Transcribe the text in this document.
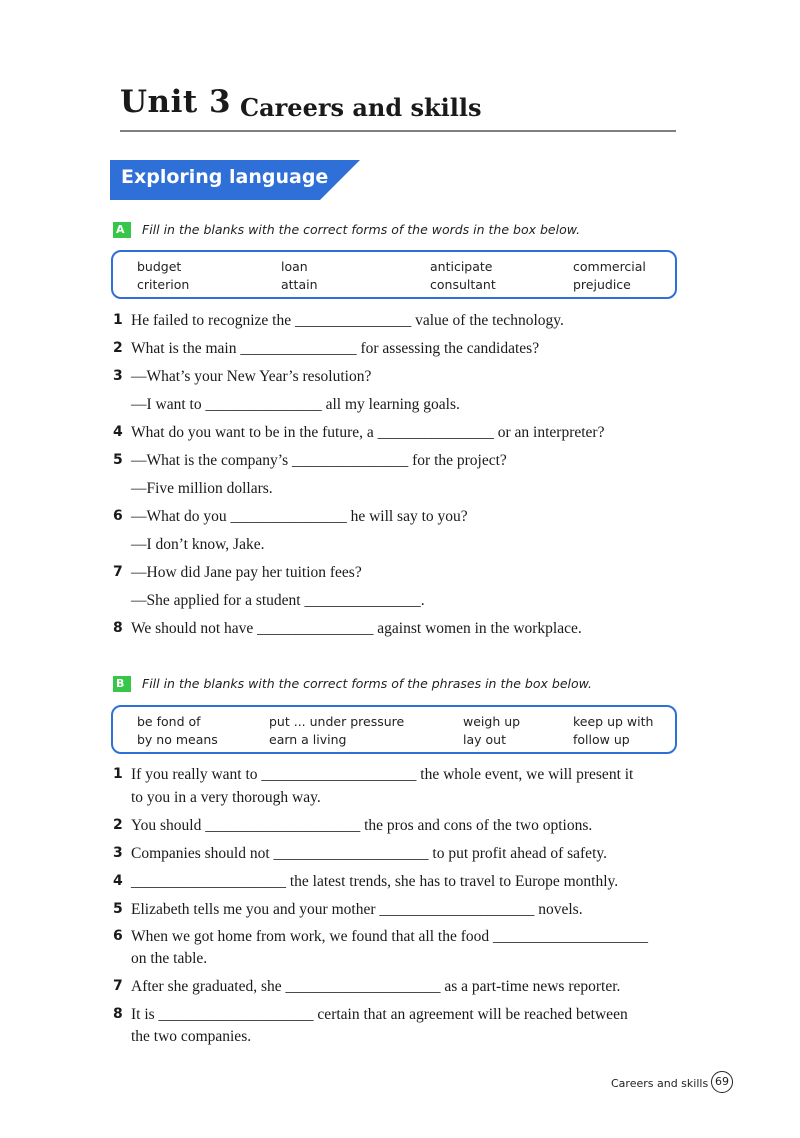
Unit 3 Careers and skills
Exploring language
A	Fill in the blanks with the correct forms of the words in the box below.
budget	loan	anticipate	commercial
criterion	attain	consultant	prejudice
1 He failed to recognize the _______________ value of the technology.
2 What is the main _______________ for assessing the candidates?
3 —What’s your New Year’s resolution?
—I want to _______________ all my learning goals.
4 What do you want to be in the future, a _______________ or an interpreter?
5 —What is the company’s _______________ for the project?
—Five million dollars.
6 —What do you _______________ he will say to you?
—I don’t know, Jake.
7 —How did Jane pay her tuition fees?
—She applied for a student _______________.
8 We should not have _______________ against women in the workplace.
B	Fill in the blanks with the correct forms of the phrases in the box below.
be fond of	put ... under pressure	weigh up	keep up with
by no means	earn a living	lay out	follow up
1 If you really want to ____________________ the whole event, we will present it
to you in a very thorough way.
2 You should ____________________ the pros and cons of the two options.
3 Companies should not ____________________ to put profit ahead of safety.
4 ____________________ the latest trends, she has to travel to Europe monthly.
5 Elizabeth tells me you and your mother ____________________ novels.
6 When we got home from work, we found that all the food ____________________
on the table.
7 After she graduated, she ____________________ as a part-time news reporter.
8 It is ____________________ certain that an agreement will be reached between
the two companies.
Careers and skills 69
